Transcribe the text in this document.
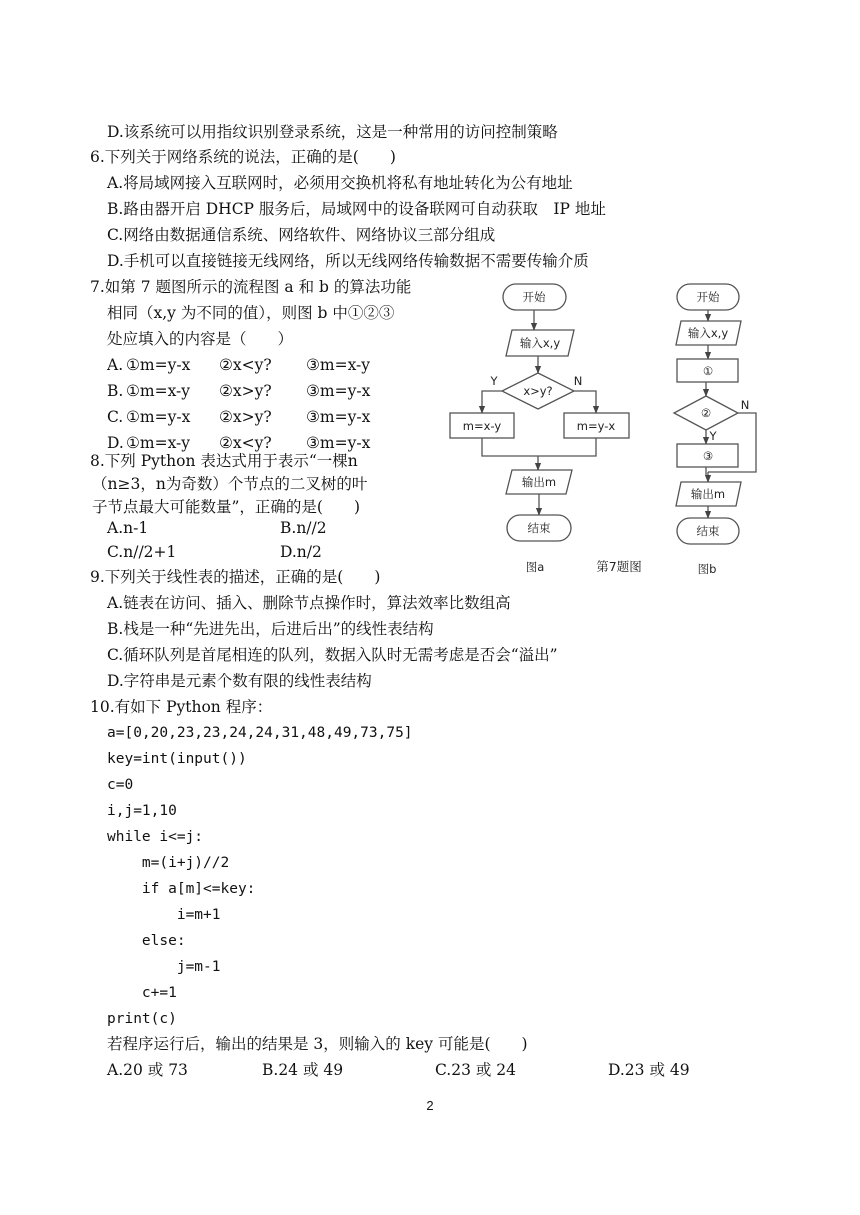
D.该系统可以用指纹识别登录系统，这是一种常用的访问控制策略
6.下列关于网络系统的说法，正确的是(　　)
A.将局域网接入互联网时，必须用交换机将私有地址转化为公有地址
B.路由器开启 DHCP 服务后，局域网中的设备联网可自动获取　IP 地址
C.网络由数据通信系统、网络软件、网络协议三部分组成
D.手机可以直接链接无线网络，所以无线网络传输数据不需要传输介质
7.如第 7 题图所示的流程图 a 和 b 的算法功能
相同（x,y 为不同的值），则图 b 中①②③
处应填入的内容是（　　）
A. ①m=y-x ②x<y? ③m=x-y
B. ①m=x-y ②x>y? ③m=y-x
C. ①m=y-x ②x>y? ③m=y-x
D. ①m=x-y ②x<y? ③m=y-x
8.下列 Python 表达式用于表示“一棵n
（n≥3，n为奇数）个节点的二叉树的叶
子节点最大可能数量”，正确的是(　　)
A.n-1	B.n//2
C.n//2+1	D.n/2
9.下列关于线性表的描述，正确的是(　　)
A.链表在访问、插入、删除节点操作时，算法效率比数组高
B.栈是一种“先进先出，后进后出”的线性表结构
C.循环队列是首尾相连的队列，数据入队时无需考虑是否会“溢出”
D.字符串是元素个数有限的线性表结构
10.有如下 Python 程序：
a=[0,20,23,23,24,24,31,48,49,73,75]
key=int(input())
c=0
i,j=1,10
while i<=j:
m=(i+j)//2
if a[m]<=key:
i=m+1
else:
j=m-1
c+=1
print(c)
若程序运行后，输出的结果是 3，则输入的 key 可能是(　　)
A.20 或 73	B.24 或 49	C.23 或 24	D.23 或 49
开始
输入x,y
x>y?
Y	N
m=x-y	m=y-x
输出m
结束
图a	第7题图
开始
输入x,y
①
②
N
Y
③
输出m
结束
图b
2
